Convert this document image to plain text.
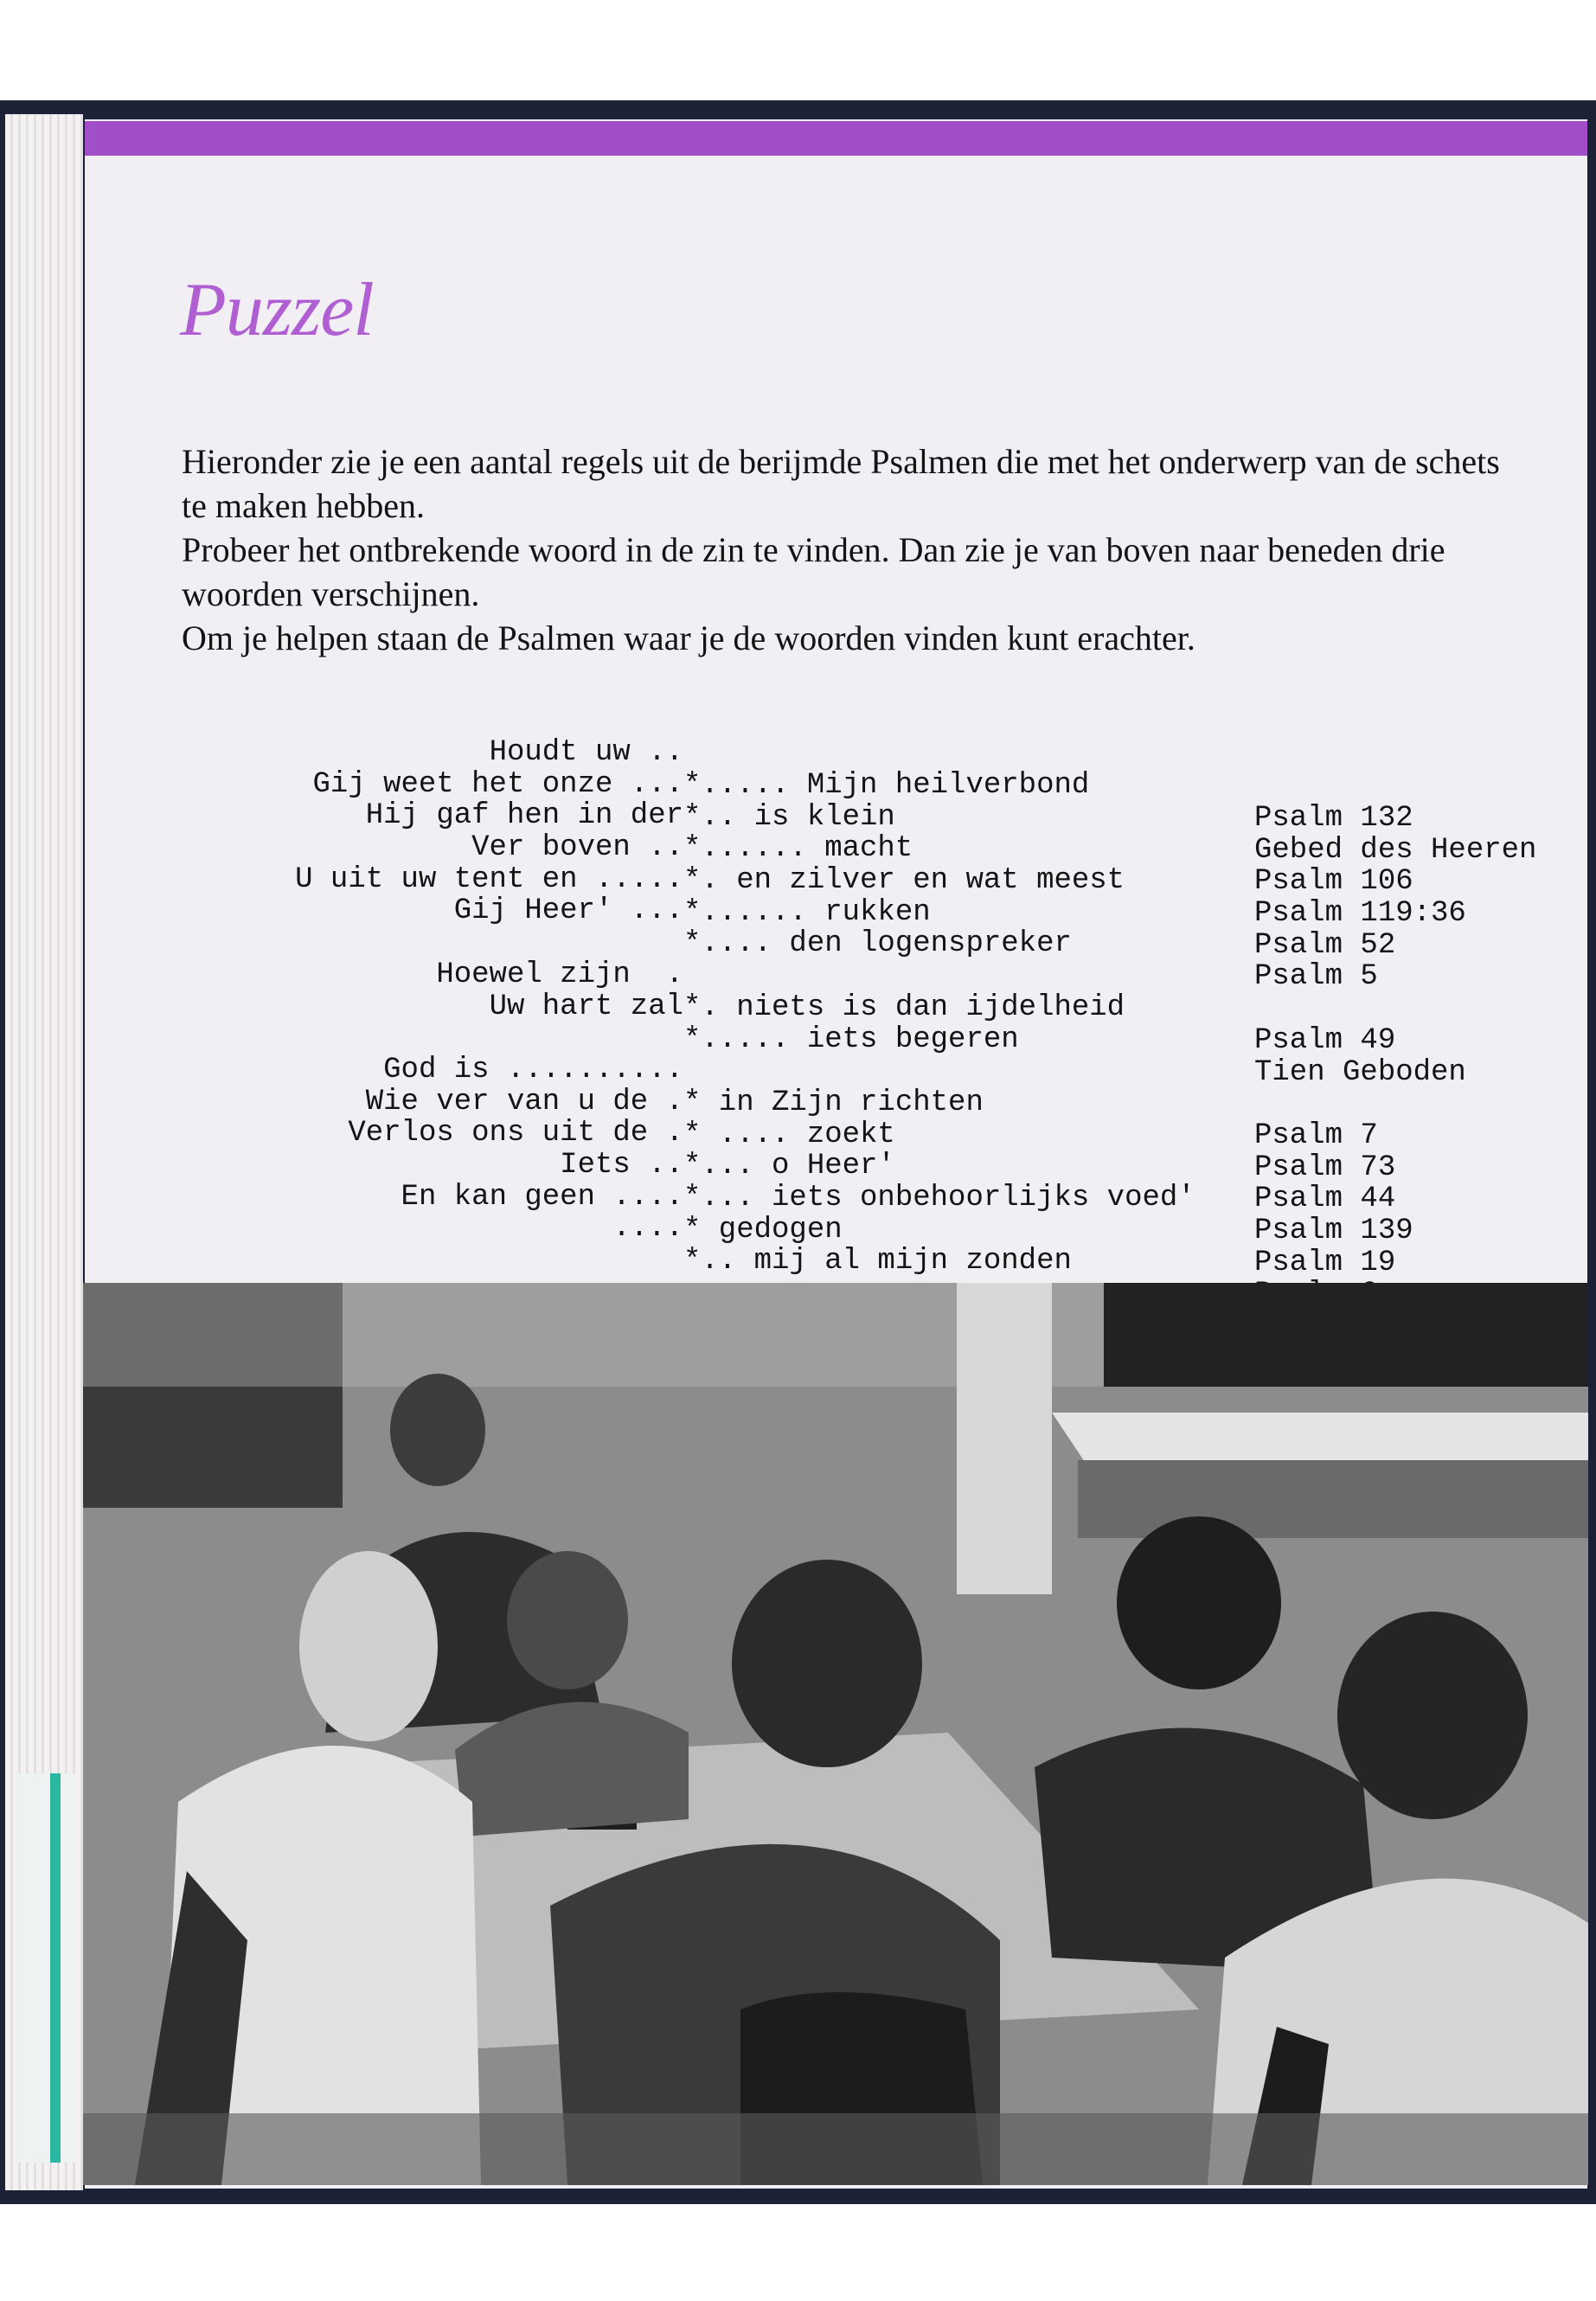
Puzzel

Hieronder zie je een aantal regels uit de berijmde Psalmen die met het onderwerp van de schets te maken hebben.

Probeer het ontbrekende woord in de zin te vinden. Dan zie je van boven naar beneden drie woorden verschijnen.

Om je helpen staan de Psalmen waar je de woorden vinden kunt erachter.

Houdt uw ..

*..... Mijn heilverbond

Psalm 132

Gij weet het onze ...

*.. is klein

Gebed des Heeren

Hij gaf hen in der

*...... macht

Psalm 106

Ver boven ..

*. en zilver en wat meest

Psalm 119:36

U uit uw tent en .....

*...... rukken

Psalm 52

Gij Heer' ...

*.... den logenspreker

Psalm 5

Hoewel zijn  .

*. niets is dan ijdelheid

Psalm 49

Uw hart zal

*..... iets begeren

Tien Geboden

God is ..........

* in Zijn richten

Psalm 7

Wie ver van u de .

* .... zoekt

Psalm 73

Verlos ons uit de .

*... o Heer'

Psalm 44

Iets ..

*... iets onbehoorlijks voed'

Psalm 139

En kan geen ....

* gedogen

Psalm 19

....

*.. mij al mijn zonden
